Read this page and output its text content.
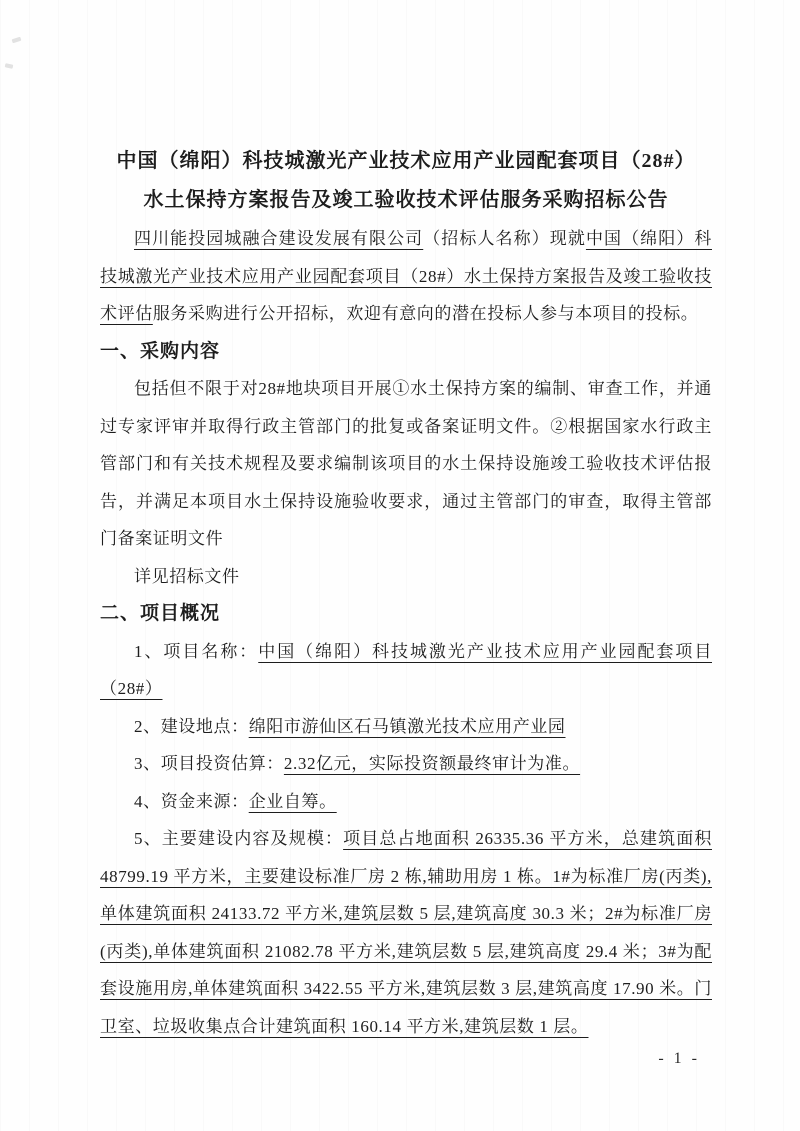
中国（绵阳）科技城激光产业技术应用产业园配套项目（28#）
水土保持方案报告及竣工验收技术评估服务采购招标公告

四川能投园城融合建设发展有限公司（招标人名称）现就中国（绵阳）科技城激光产业技术应用产业园配套项目（28#）水土保持方案报告及竣工验收技术评估服务采购进行公开招标，欢迎有意向的潜在投标人参与本项目的投标。

一、采购内容

包括但不限于对28#地块项目开展①水土保持方案的编制、审查工作，并通过专家评审并取得行政主管部门的批复或备案证明文件。②根据国家水行政主管部门和有关技术规程及要求编制该项目的水土保持设施竣工验收技术评估报告，并满足本项目水土保持设施验收要求，通过主管部门的审查，取得主管部门备案证明文件

详见招标文件

二、项目概况

1、项目名称：中国（绵阳）科技城激光产业技术应用产业园配套项目（28#）

2、建设地点：绵阳市游仙区石马镇激光技术应用产业园

3、项目投资估算：2.32亿元，实际投资额最终审计为准。

4、资金来源：企业自筹。

5、主要建设内容及规模：项目总占地面积 26335.36 平方米，总建筑面积 48799.19 平方米，主要建设标准厂房 2 栋,辅助用房 1 栋。1#为标准厂房(丙类),单体建筑面积 24133.72 平方米,建筑层数 5 层,建筑高度 30.3 米；2#为标准厂房(丙类),单体建筑面积 21082.78 平方米,建筑层数 5 层,建筑高度 29.4 米；3#为配套设施用房,单体建筑面积 3422.55 平方米,建筑层数 3 层,建筑高度 17.90 米。门卫室、垃圾收集点合计建筑面积 160.14 平方米,建筑层数 1 层。

- 1 -
